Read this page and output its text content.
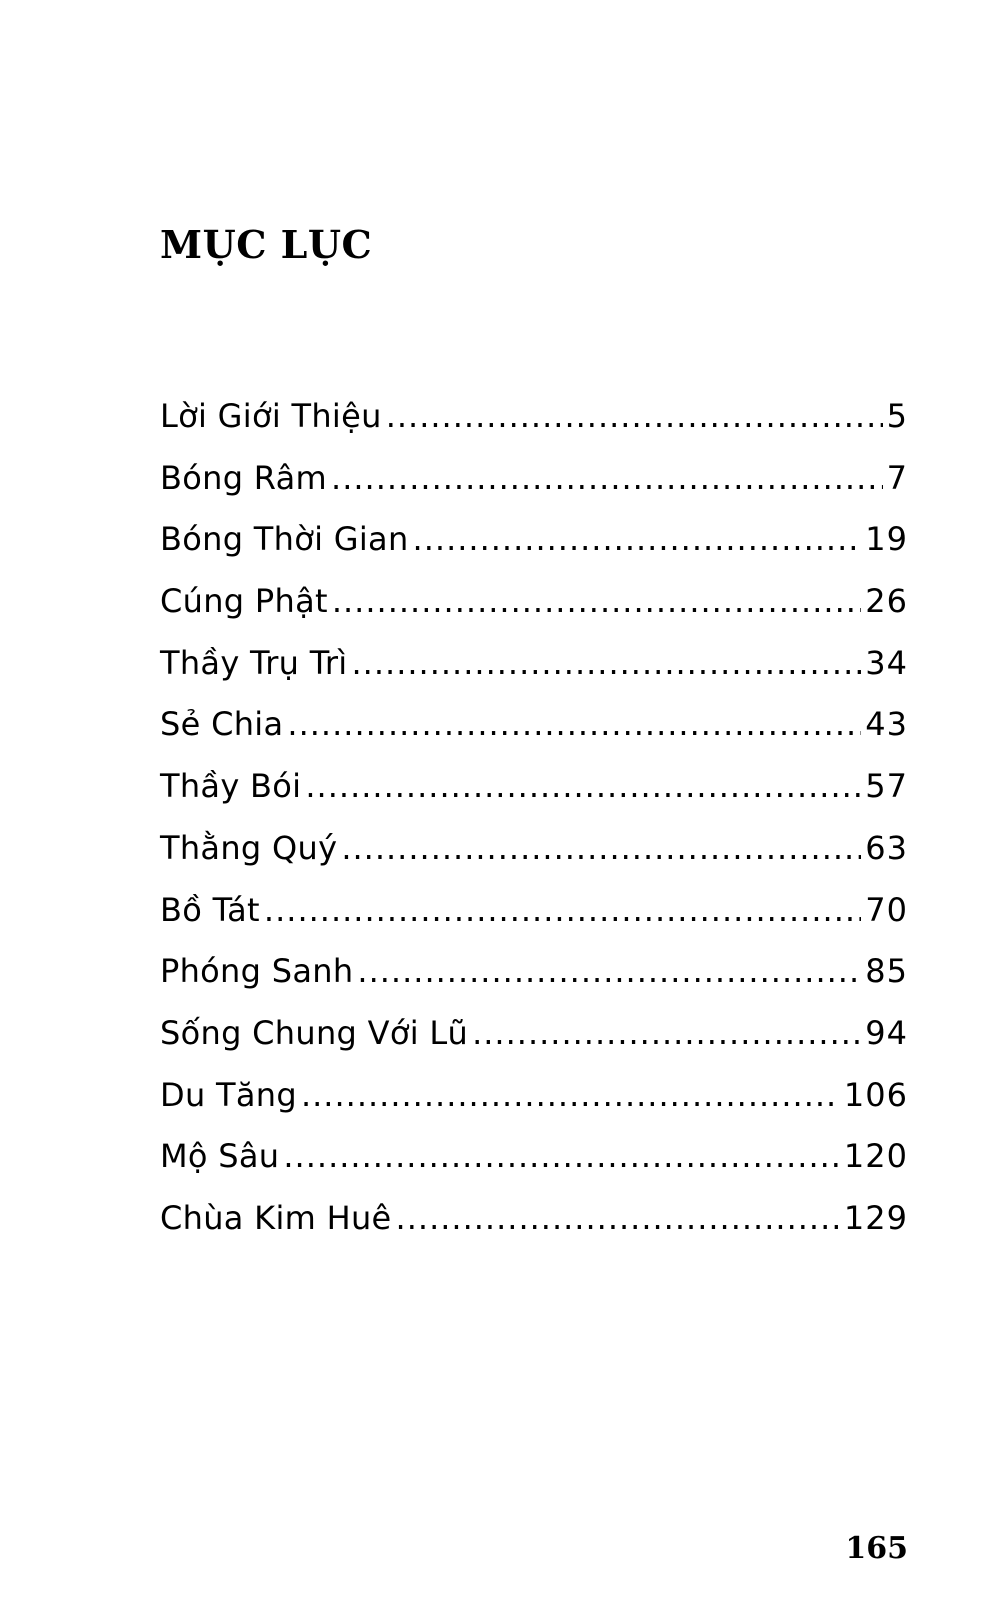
MỤC LỤC
Lời Giới Thiệu .....	5
Bóng Râm .....	7
Bóng Thời Gian .....	19
Cúng Phật .....	26
Thầy Trụ Trì .....	34
Sẻ Chia .....	43
Thầy Bói .....	57
Thằng Quý .....	63
Bồ Tát .....	70
Phóng Sanh .....	85
Sống Chung Với Lũ .....	94
Du Tăng .....	106
Mộ Sâu .....	120
Chùa Kim Huê .....	129
165
